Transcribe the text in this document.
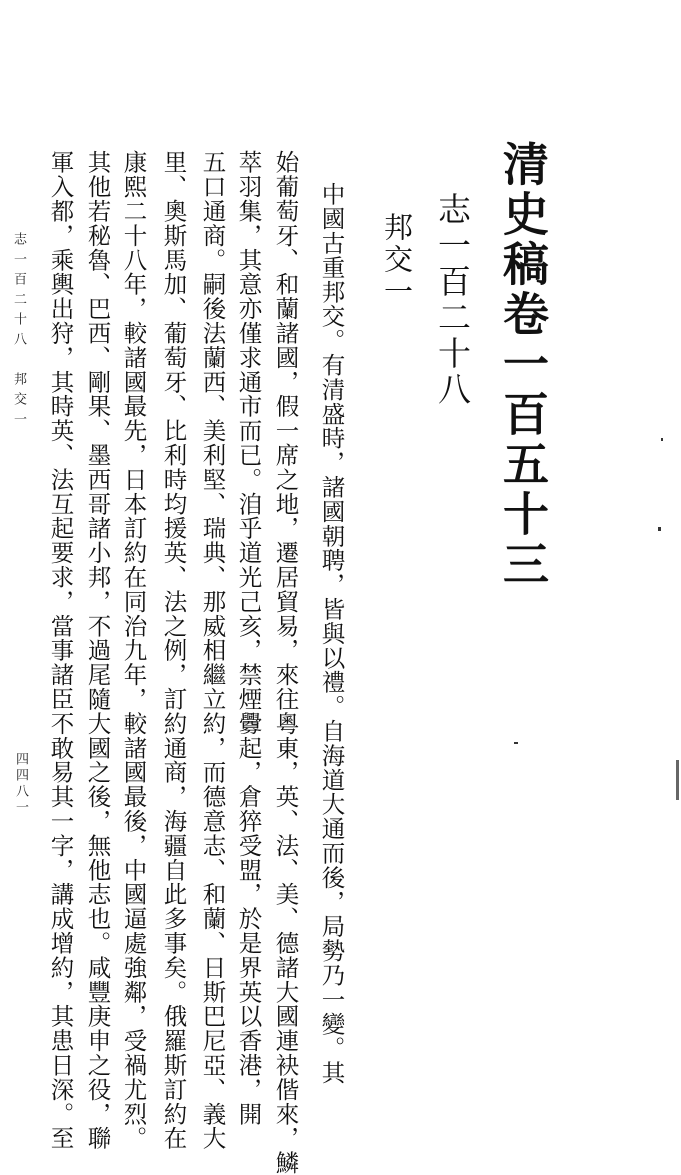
清史稿卷一百五十三
志一百二十八
邦交一
志一百二十八　邦交一
四四八一	中國古重邦交。有清盛時，諸國朝聘，皆與以禮。自海道大通而後，局勢乃一變。其
始葡萄牙、和蘭諸國，假一席之地，遷居貿易，來往粵東，英、法、美、德諸大國連袂偕來，鱗
萃羽集，其意亦僅求通市而已。洎乎道光己亥，禁煙釁起，倉猝受盟，於是界英以香港，開
五口通商。嗣後法蘭西、美利堅、瑞典、那威相繼立約，而德意志、和蘭、日斯巴尼亞、義大
里、奧斯馬加、葡萄牙、比利時均援英、法之例，訂約通商，海疆自此多事矣。俄羅斯訂約在
康熙二十八年，較諸國最先，日本訂約在同治九年，較諸國最後，中國逼處強鄰，受禍尤烈。
其他若秘魯、巴西、剛果、墨西哥諸小邦，不過尾隨大國之後，無他志也。咸豐庚申之役，聯
軍入都，乘輿出狩，其時英、法互起要求，當事諸臣不敢易其一字，講成增約，其患日深。至
